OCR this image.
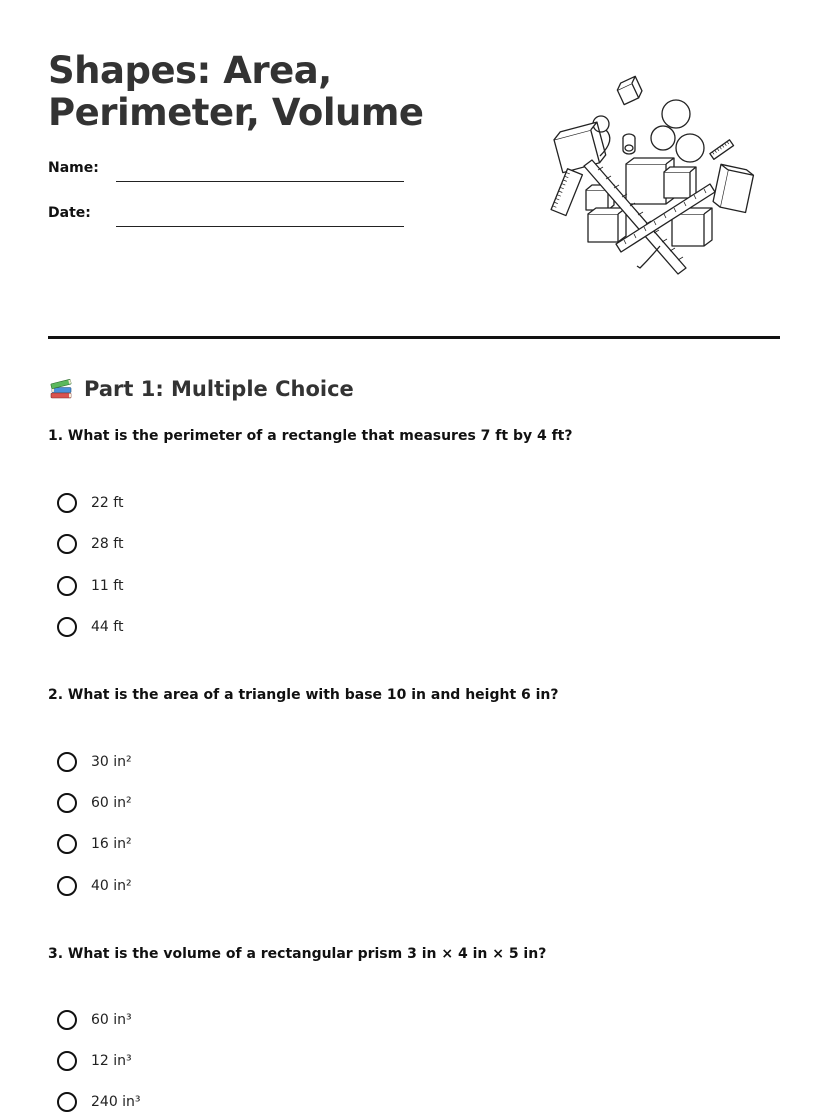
Shapes: Area, Perimeter, Volume
Name:
Date:
Part 1: Multiple Choice
1. What is the perimeter of a rectangle that measures 7 ft by 4 ft?
22 ft
28 ft
11 ft
44 ft
2. What is the area of a triangle with base 10 in and height 6 in?
30 in²
60 in²
16 in²
40 in²
3. What is the volume of a rectangular prism 3 in × 4 in × 5 in?
60 in³
12 in³
240 in³
